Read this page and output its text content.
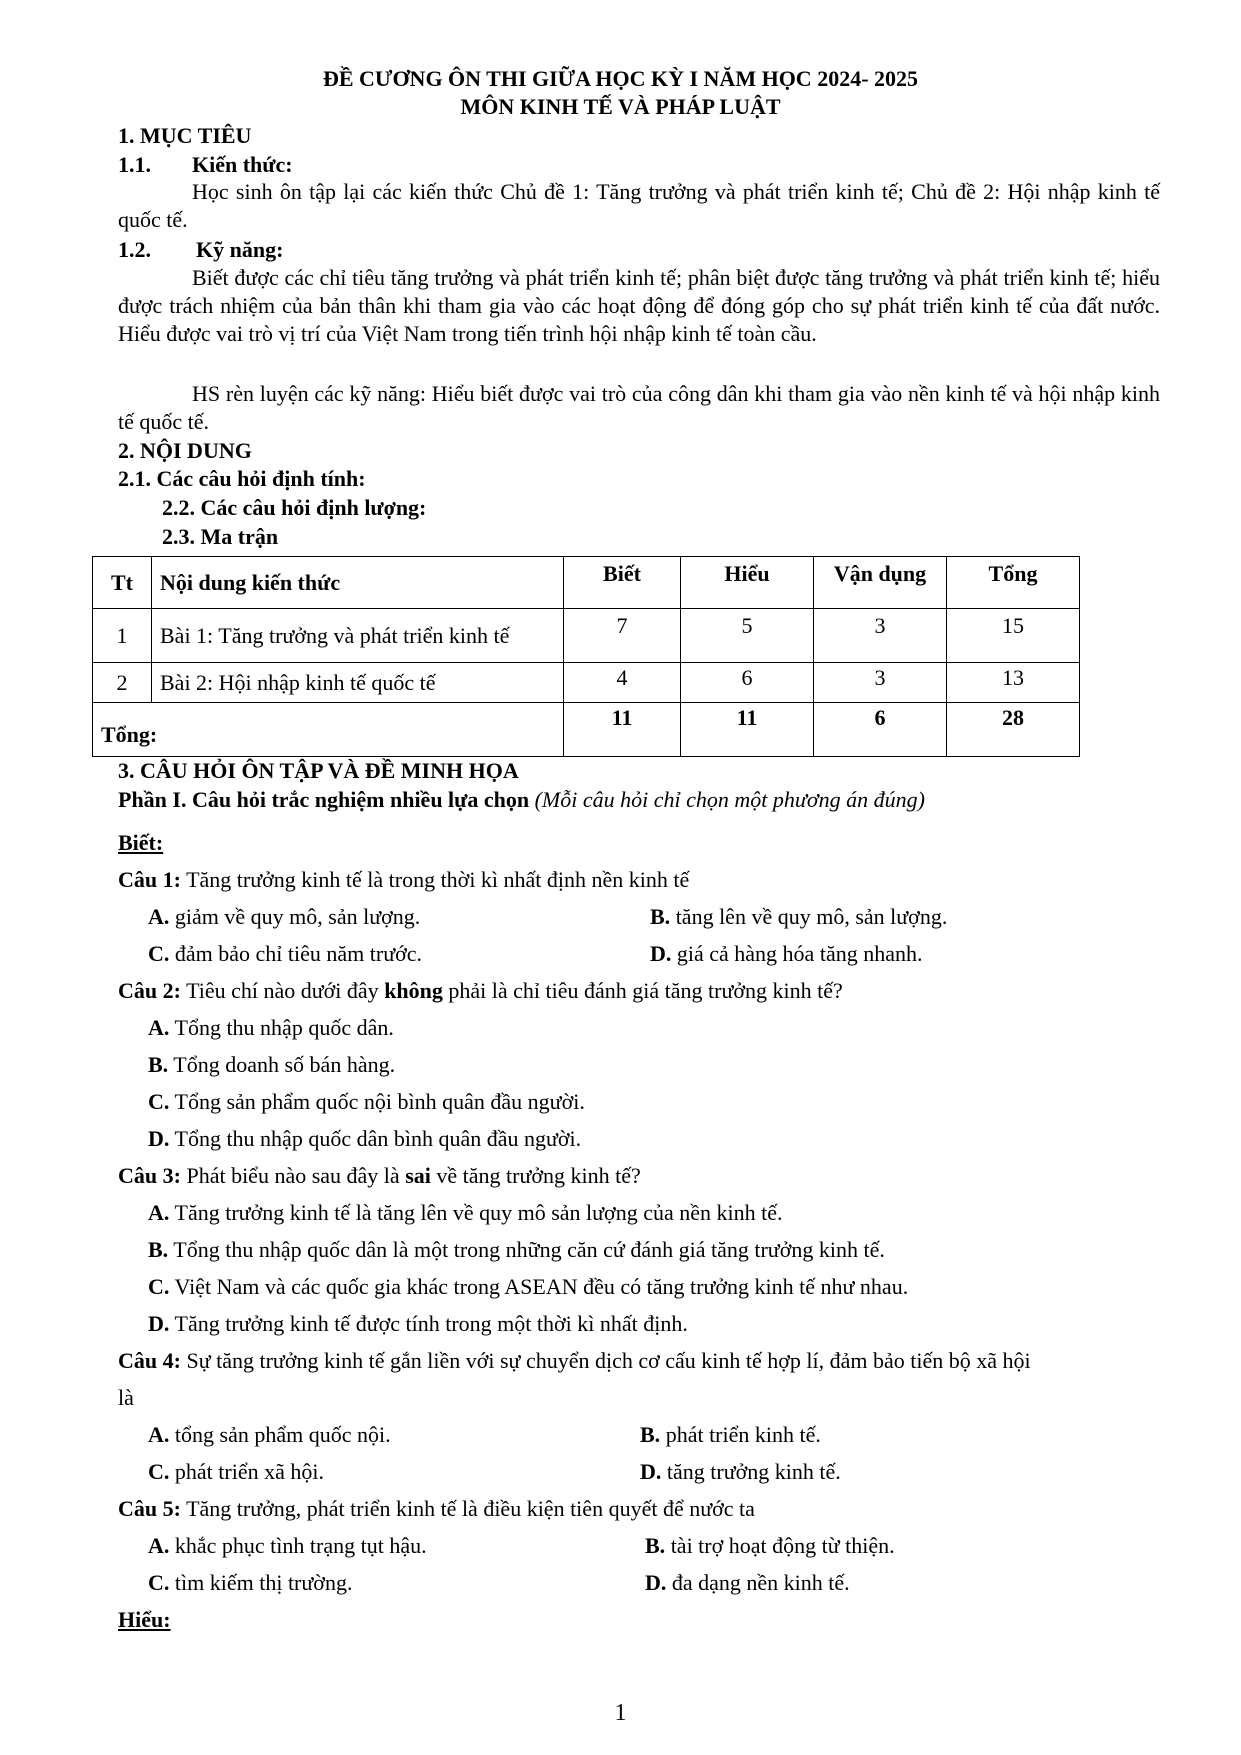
ĐỀ CƯƠNG ÔN THI GIỮA HỌC KỲ I NĂM HỌC 2024- 2025
MÔN KINH TẾ VÀ PHÁP LUẬT
1. MỤC TIÊU
1.1. Kiến thức:
Học sinh ôn tập lại các kiến thức Chủ đề 1: Tăng trưởng và phát triển kinh tế; Chủ đề 2: Hội nhập kinh tế quốc tế.
1.2. Kỹ năng:
Biết được các chỉ tiêu tăng trưởng và phát triển kinh tế; phân biệt được tăng trưởng và phát triển kinh tế; hiểu được trách nhiệm của bản thân khi tham gia vào các hoạt động để đóng góp cho sự phát triển kinh tế của đất nước. Hiểu được vai trò vị trí của Việt Nam trong tiến trình hội nhập kinh tế toàn cầu.
HS rèn luyện các kỹ năng: Hiểu biết được vai trò của công dân khi tham gia vào nền kinh tế và hội nhập kinh tế quốc tế.
2. NỘI DUNG
2.1. Các câu hỏi định tính:
2.2. Các câu hỏi định lượng:
2.3. Ma trận
Tt	Nội dung kiến thức	Biết	Hiểu	Vận dụng	Tổng
1	Bài 1: Tăng trưởng và phát triển kinh tế	7	5	3	15
2	Bài 2: Hội nhập kinh tế quốc tế	4	6	3	13
Tổng:		11	11	6	28
3. CÂU HỎI ÔN TẬP VÀ ĐỀ MINH HỌA
Phần I. Câu hỏi trắc nghiệm nhiều lựa chọn (Mỗi câu hỏi chỉ chọn một phương án đúng)
Biết:
Câu 1: Tăng trưởng kinh tế là trong thời kì nhất định nền kinh tế
A. giảm về quy mô, sản lượng.	B. tăng lên về quy mô, sản lượng.
C. đảm bảo chỉ tiêu năm trước.	D. giá cả hàng hóa tăng nhanh.
Câu 2: Tiêu chí nào dưới đây không phải là chỉ tiêu đánh giá tăng trưởng kinh tế?
A. Tổng thu nhập quốc dân.
B. Tổng doanh số bán hàng.
C. Tổng sản phẩm quốc nội bình quân đầu người.
D. Tổng thu nhập quốc dân bình quân đầu người.
Câu 3: Phát biểu nào sau đây là sai về tăng trưởng kinh tế?
A. Tăng trưởng kinh tế là tăng lên về quy mô sản lượng của nền kinh tế.
B. Tổng thu nhập quốc dân là một trong những căn cứ đánh giá tăng trưởng kinh tế.
C. Việt Nam và các quốc gia khác trong ASEAN đều có tăng trưởng kinh tế như nhau.
D. Tăng trưởng kinh tế được tính trong một thời kì nhất định.
Câu 4: Sự tăng trưởng kinh tế gắn liền với sự chuyển dịch cơ cấu kinh tế hợp lí, đảm bảo tiến bộ xã hội
là
A. tổng sản phẩm quốc nội.	B. phát triển kinh tế.
C. phát triển xã hội.	D. tăng trưởng kinh tế.
Câu 5: Tăng trưởng, phát triển kinh tế là điều kiện tiên quyết để nước ta
A. khắc phục tình trạng tụt hậu.	B. tài trợ hoạt động từ thiện.
C. tìm kiếm thị trường.	D. đa dạng nền kinh tế.
Hiểu:
1
